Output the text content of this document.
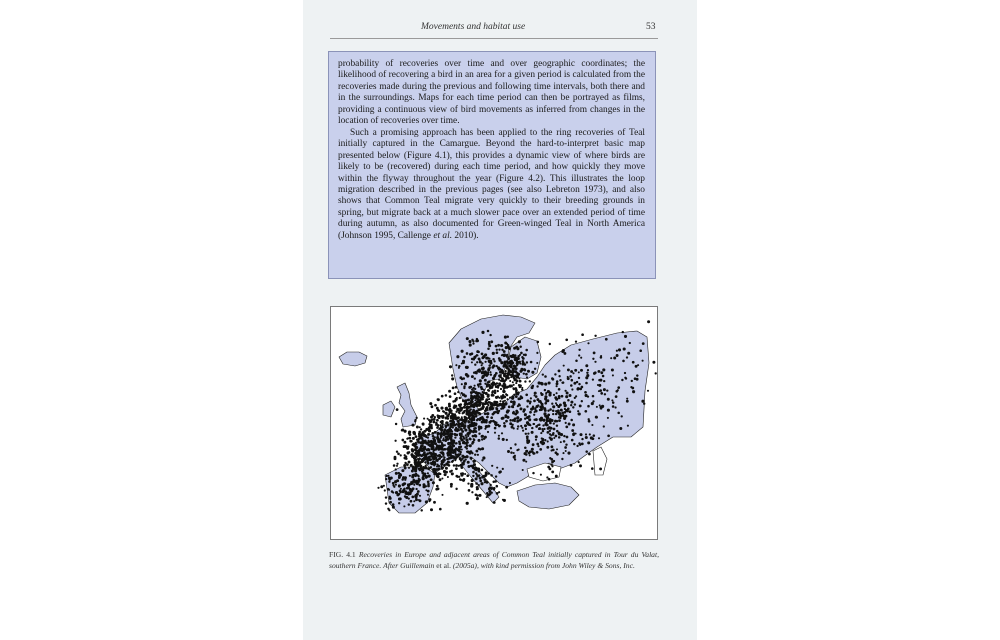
Movements and habitat use	53

probability of recoveries over time and over geographic coordinates; the likelihood of recovering a bird in an area for a given period is calculated from the recoveries made during the previous and following time intervals, both there and in the surroundings. Maps for each time period can then be portrayed as films, providing a continuous view of bird movements as inferred from changes in the location of recoveries over time.

Such a promising approach has been applied to the ring recoveries of Teal initially captured in the Camargue. Beyond the hard-to-interpret basic map presented below (Figure 4.1), this provides a dynamic view of where birds are likely to be (recovered) during each time period, and how quickly they move within the flyway throughout the year (Figure 4.2). This illustrates the loop migration described in the previous pages (see also Lebreton 1973), and also shows that Common Teal migrate very quickly to their breeding grounds in spring, but migrate back at a much slower pace over an extended period of time during autumn, as also documented for Green-winged Teal in North America (Johnson 1995, Callenge et al. 2010).

FIG. 4.1 Recoveries in Europe and adjacent areas of Common Teal initially captured in Tour du Valat, southern France. After Guillemain et al. (2005a), with kind permission from John Wiley & Sons, Inc.
